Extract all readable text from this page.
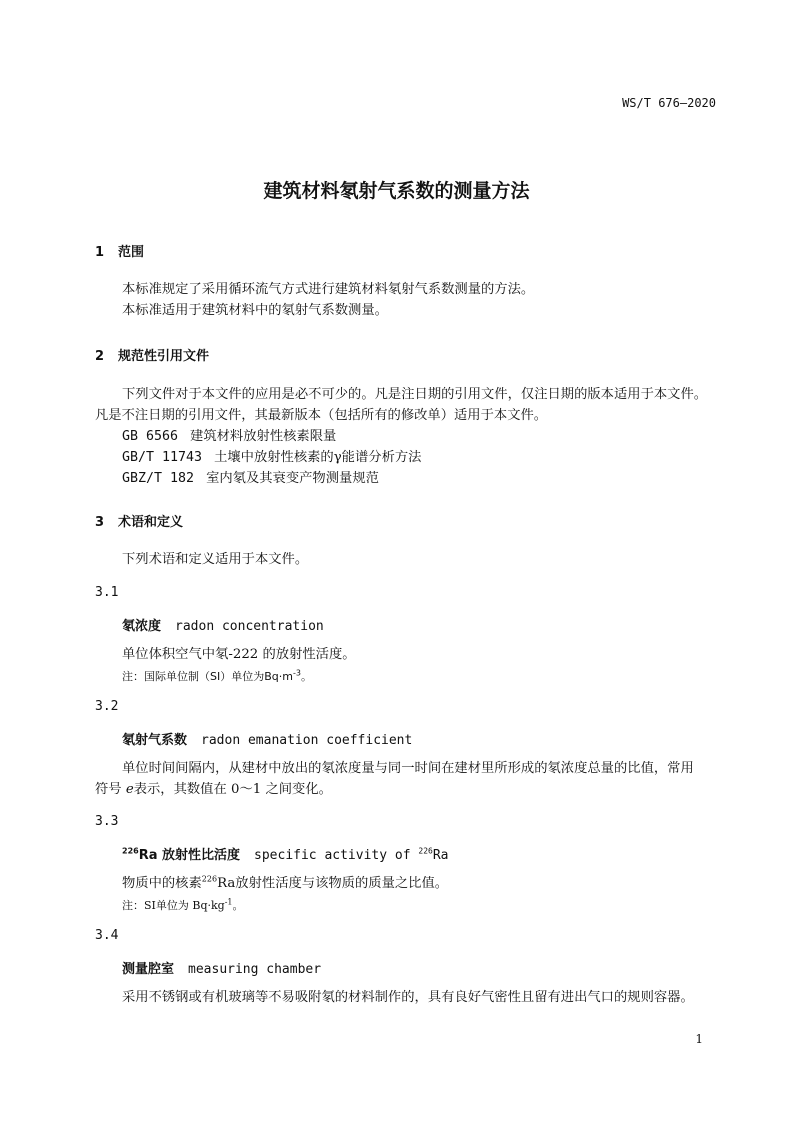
WS/T 676—2020
建筑材料氡射气系数的测量方法
1 范围
本标准规定了采用循环流气方式进行建筑材料氡射气系数测量的方法。
本标准适用于建筑材料中的氡射气系数测量。
2 规范性引用文件
下列文件对于本文件的应用是必不可少的。凡是注日期的引用文件，仅注日期的版本适用于本文件。
凡是不注日期的引用文件，其最新版本（包括所有的修改单）适用于本文件。
GB 6566 建筑材料放射性核素限量
GB/T 11743 土壤中放射性核素的γ能谱分析方法
GBZ/T 182 室内氡及其衰变产物测量规范
3 术语和定义
下列术语和定义适用于本文件。
3.1
氡浓度 radon concentration
单位体积空气中氡-222 的放射性活度。
注：国际单位制（SI）单位为$Bq\cdot m^{-3}$。
3.2
氡射气系数 radon emanation coefficient
单位时间间隔内，从建材中放出的氡浓度量与同一时间在建材里所形成的氡浓度总量的比值，常用
符号 e表示，其数值在 0～1 之间变化。
3.3
$^{226}$Ra 放射性比活度 specific activity of $^{226}$Ra
物质中的核素$^{226}$Ra放射性活度与该物质的质量之比值。
注：SI单位为 $Bq\cdot kg^{-1}$。
3.4
测量腔室 measuring chamber
采用不锈钢或有机玻璃等不易吸附氡的材料制作的，具有良好气密性且留有进出气口的规则容器。
1
